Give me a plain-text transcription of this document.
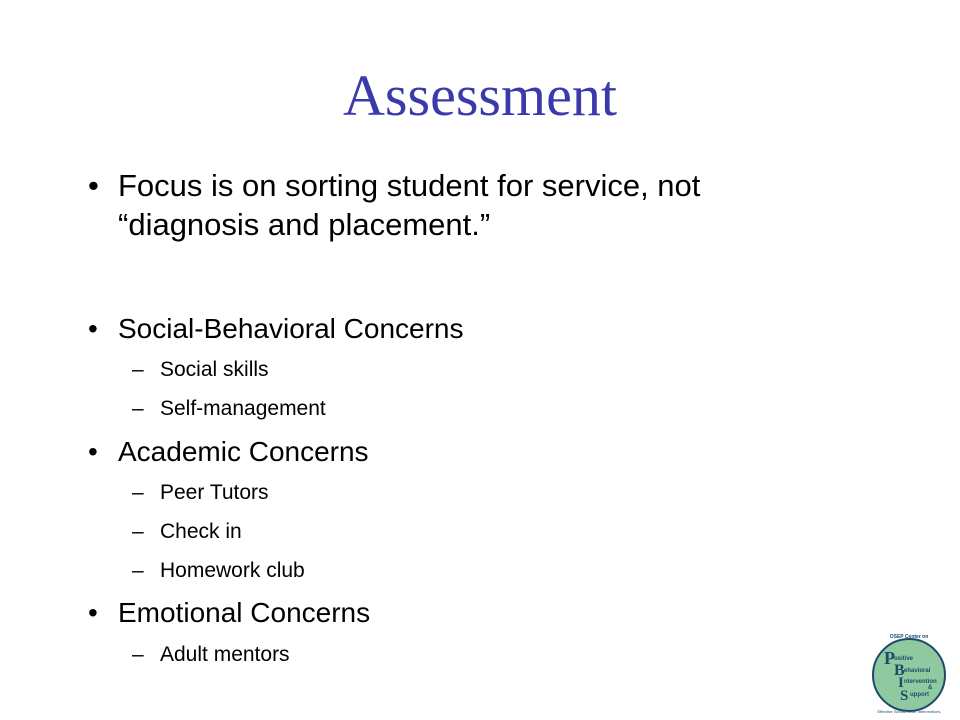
Assessment
• Focus is on sorting student for service, not
“diagnosis and placement.”
• Social-Behavioral Concerns
– Social skills
– Self-management
• Academic Concerns
– Peer Tutors
– Check in
– Homework club
• Emotional Concerns
– Adult mentors
OSEP Center on
P ositive
B ehavioral
I ntervention
&
S upport
Effective School-Wide Interventions
